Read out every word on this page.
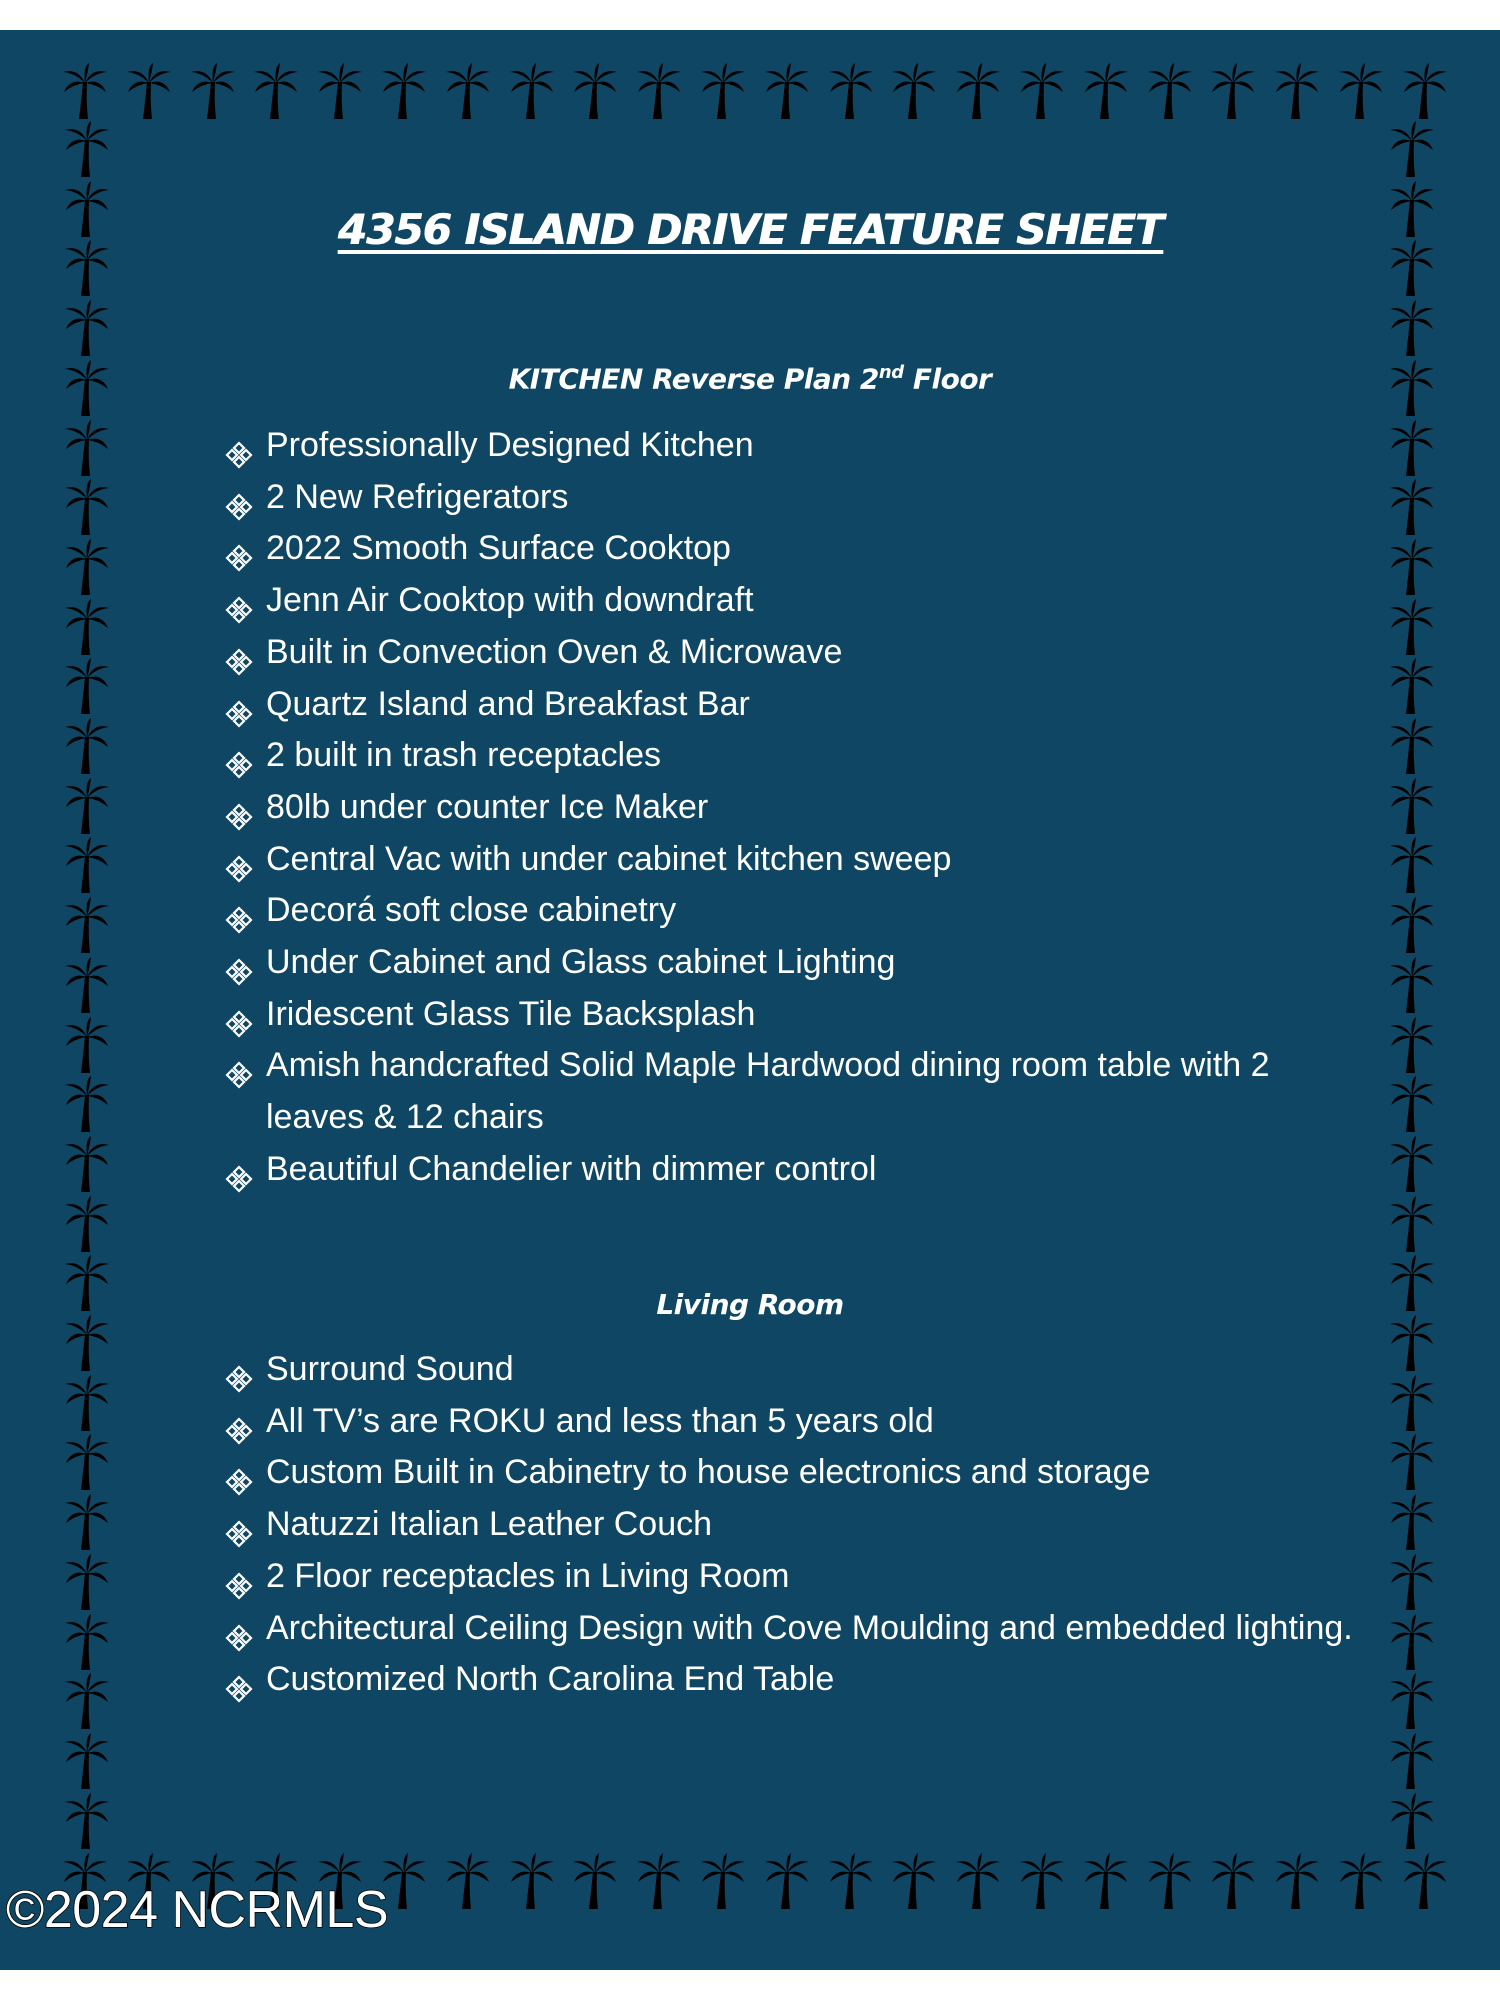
4356 ISLAND DRIVE FEATURE SHEET
KITCHEN Reverse Plan 2nd Floor
Professionally Designed Kitchen
2 New Refrigerators
2022 Smooth Surface Cooktop
Jenn Air Cooktop with downdraft
Built in Convection Oven & Microwave
Quartz Island and Breakfast Bar
2 built in trash receptacles
80lb under counter Ice Maker
Central Vac with under cabinet kitchen sweep
Decorá soft close cabinetry
Under Cabinet and Glass cabinet Lighting
Iridescent Glass Tile Backsplash
Amish handcrafted Solid Maple Hardwood dining room table with 2 leaves & 12 chairs
Beautiful Chandelier with dimmer control
Living Room
Surround Sound
All TV’s are ROKU and less than 5 years old
Custom Built in Cabinetry to house electronics and storage
Natuzzi Italian Leather Couch
2 Floor receptacles in Living Room
Architectural Ceiling Design with Cove Moulding and embedded lighting.
Customized North Carolina End Table
©2024 NCRMLS
